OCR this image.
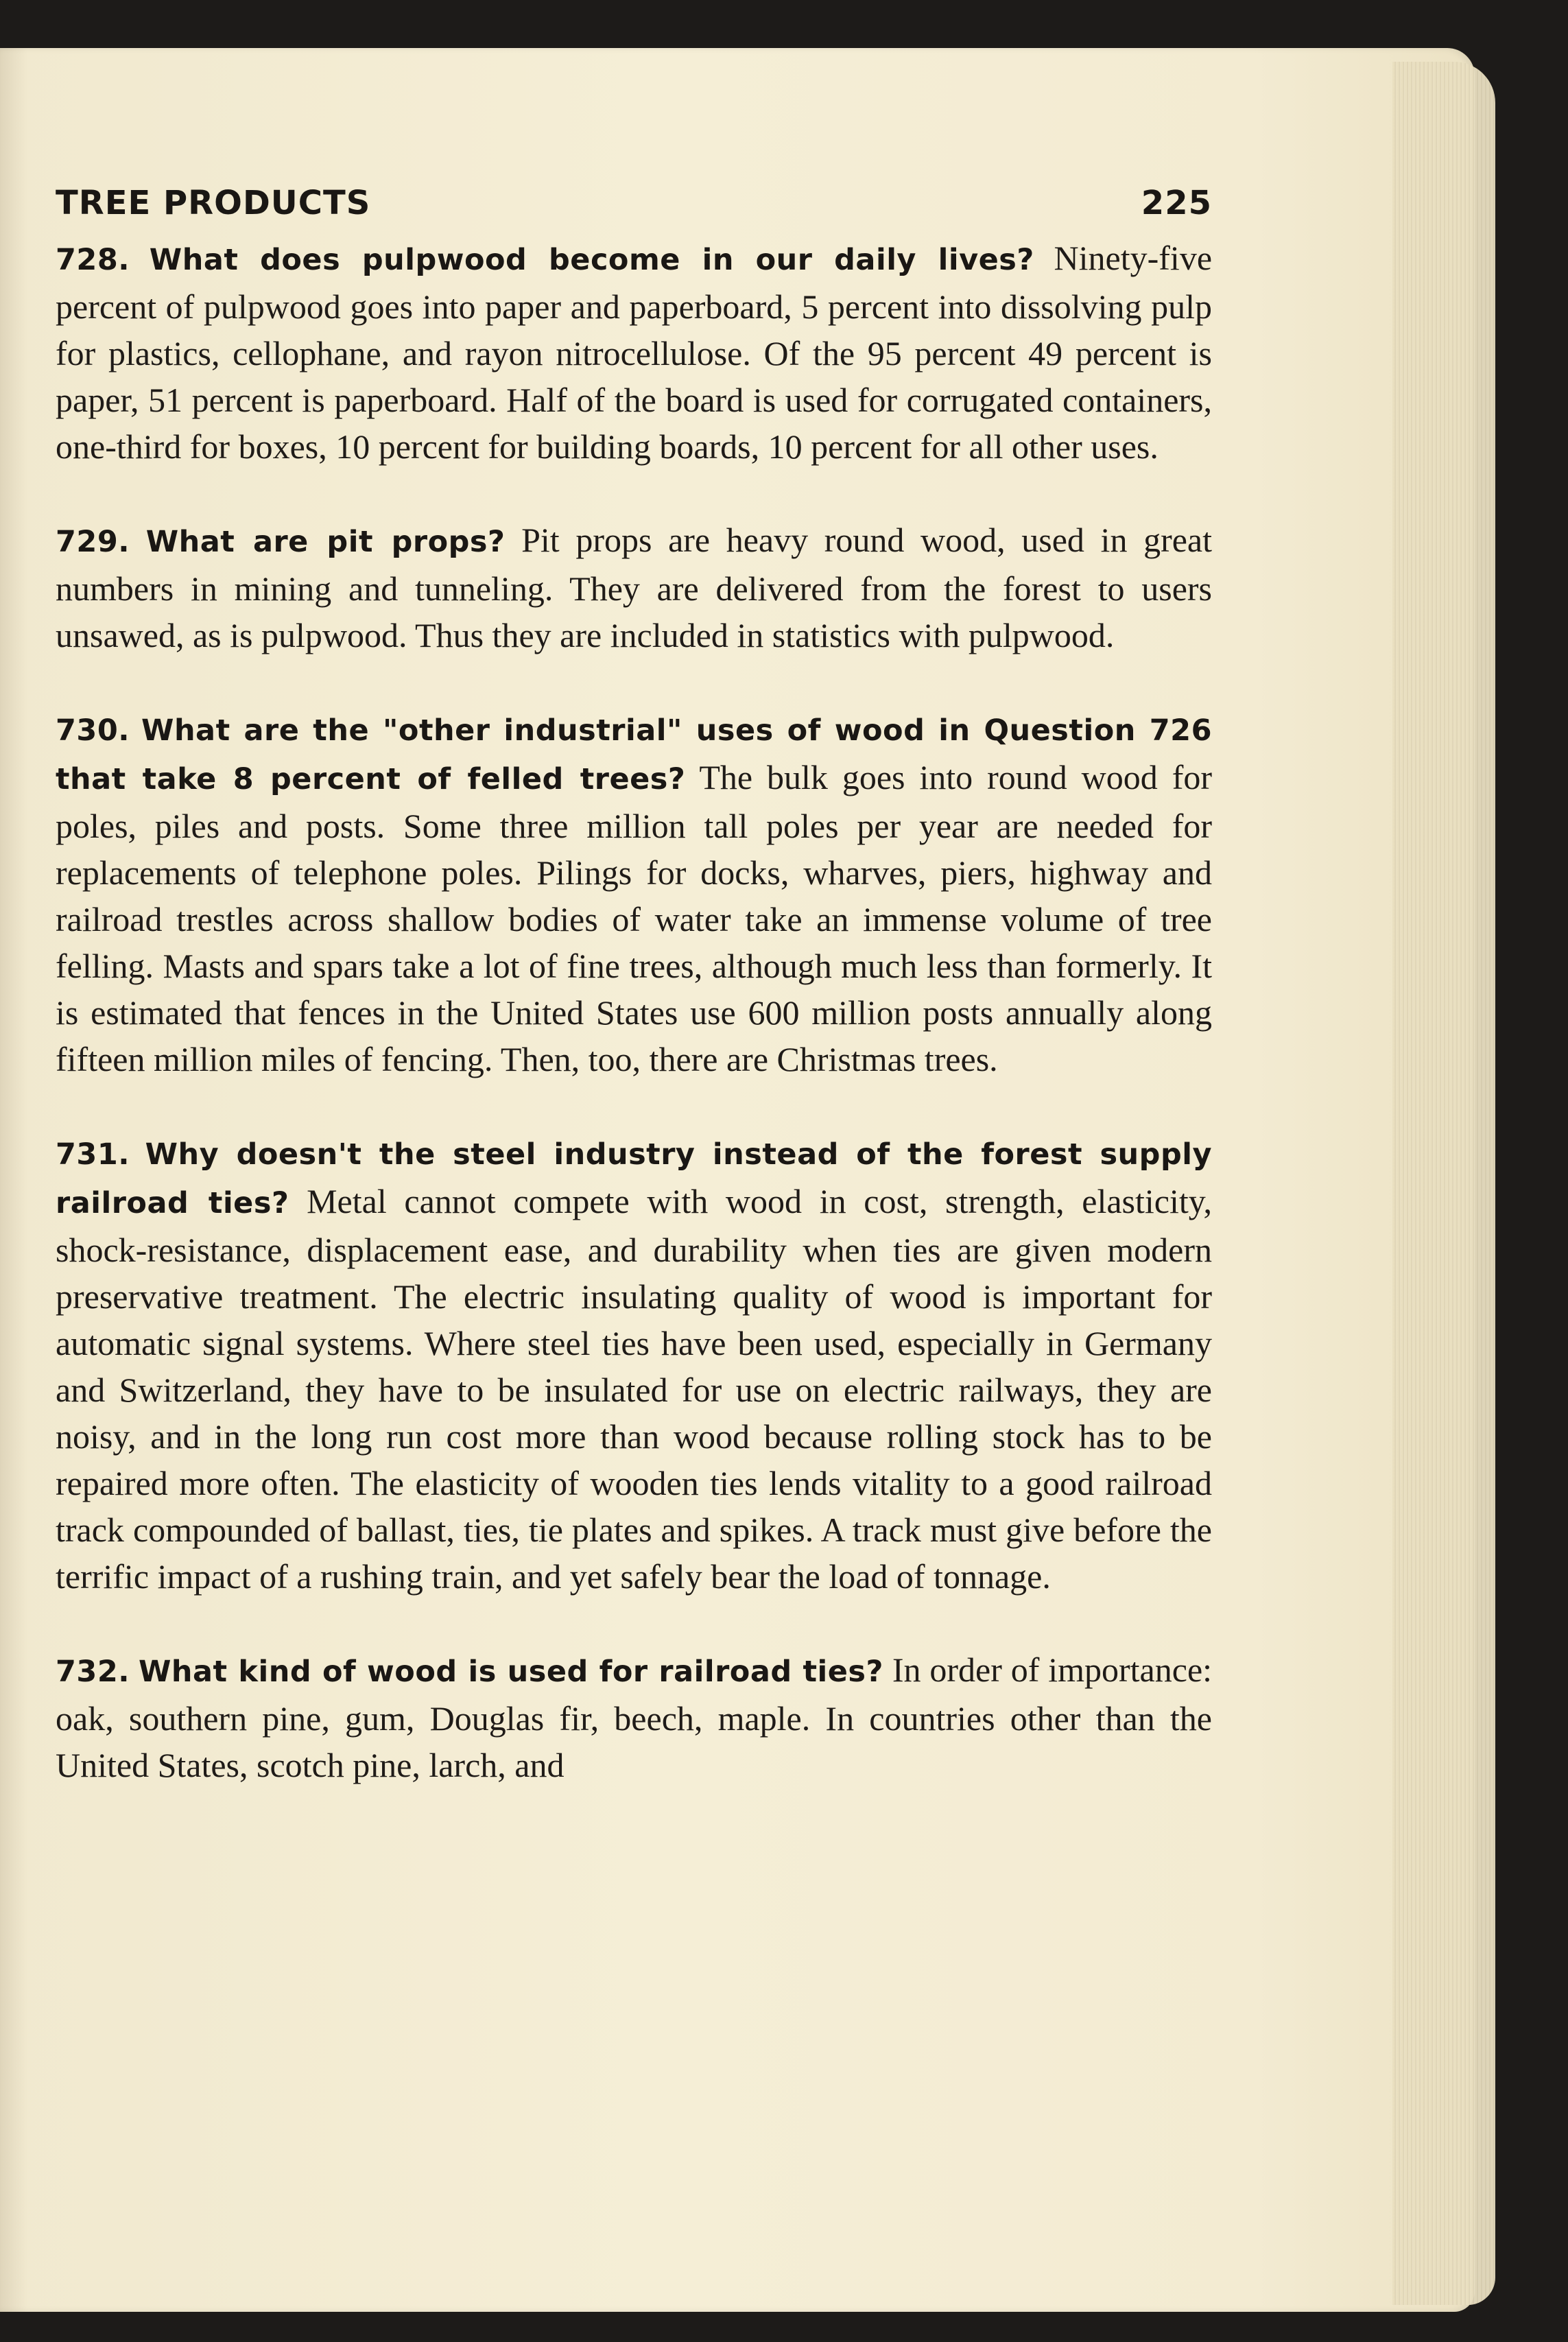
TREE PRODUCTS	225

728. What does pulpwood become in our daily lives? Ninety-five percent of pulpwood goes into paper and paperboard, 5 percent into dissolving pulp for plastics, cellophane, and rayon nitrocellulose. Of the 95 percent 49 percent is paper, 51 percent is paperboard. Half of the board is used for corrugated containers, one-third for boxes, 10 percent for building boards, 10 percent for all other uses.

729. What are pit props? Pit props are heavy round wood, used in great numbers in mining and tunneling. They are delivered from the forest to users unsawed, as is pulpwood. Thus they are included in statistics with pulpwood.

730. What are the "other industrial" uses of wood in Question 726 that take 8 percent of felled trees? The bulk goes into round wood for poles, piles and posts. Some three million tall poles per year are needed for replacements of telephone poles. Pilings for docks, wharves, piers, highway and railroad trestles across shallow bodies of water take an immense volume of tree felling. Masts and spars take a lot of fine trees, although much less than formerly. It is estimated that fences in the United States use 600 million posts annually along fifteen million miles of fencing. Then, too, there are Christmas trees.

731. Why doesn't the steel industry instead of the forest supply railroad ties? Metal cannot compete with wood in cost, strength, elasticity, shock-resistance, displacement ease, and durability when ties are given modern preservative treatment. The electric insulating quality of wood is important for automatic signal systems. Where steel ties have been used, especially in Germany and Switzerland, they have to be insulated for use on electric railways, they are noisy, and in the long run cost more than wood because rolling stock has to be repaired more often. The elasticity of wooden ties lends vitality to a good railroad track compounded of ballast, ties, tie plates and spikes. A track must give before the terrific impact of a rushing train, and yet safely bear the load of tonnage.

732. What kind of wood is used for railroad ties? In order of importance: oak, southern pine, gum, Douglas fir, beech, maple. In countries other than the United States, scotch pine, larch, and
